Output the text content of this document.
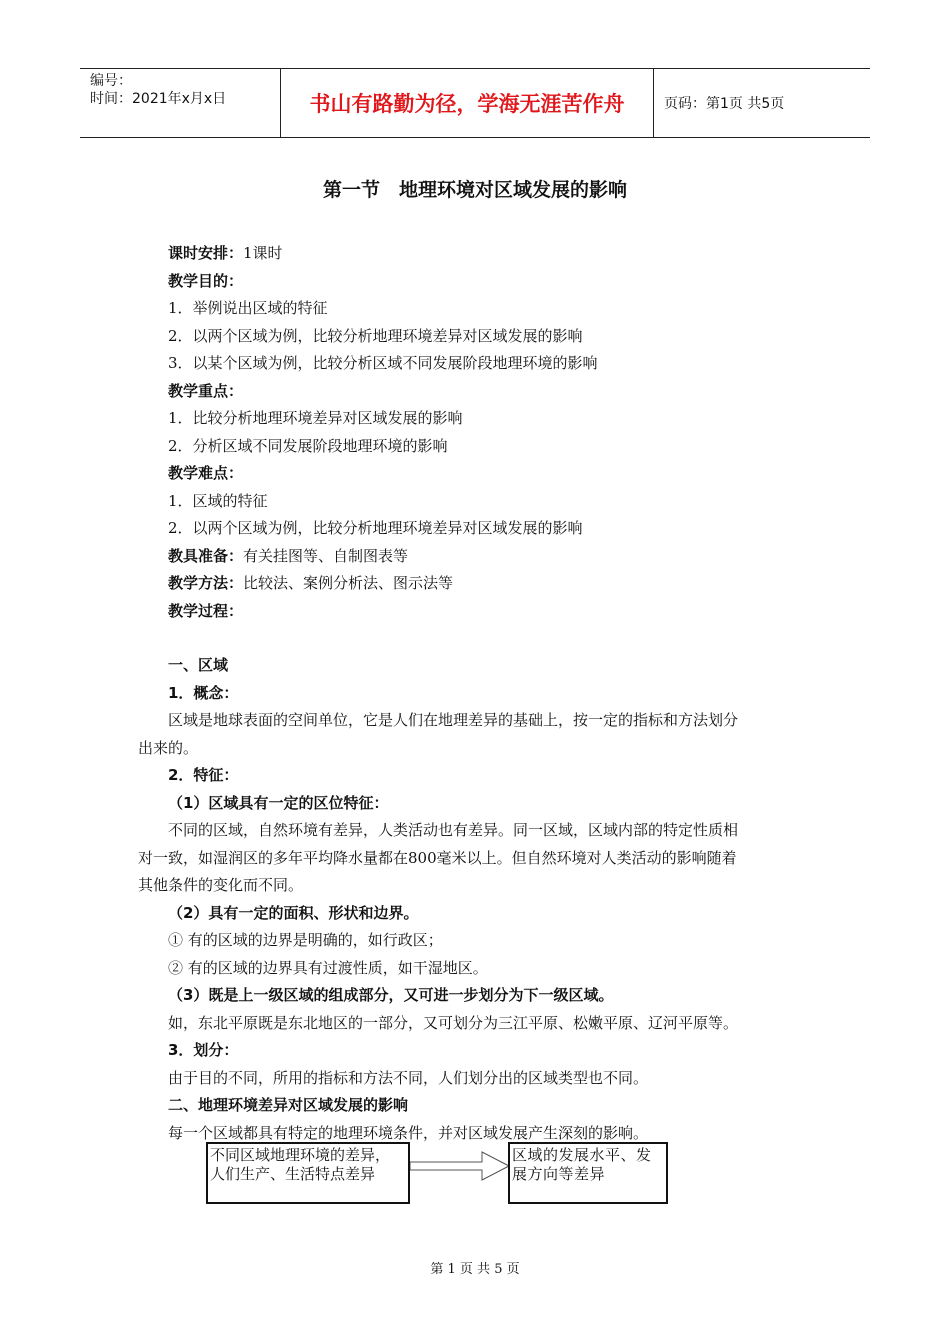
编号：
时间：2021年x月x日	书山有路勤为径，学海无涯苦作舟	页码：第1页 共5页
第一节　地理环境对区域发展的影响
课时安排：1课时
教学目的：
1．举例说出区域的特征
2．以两个区域为例，比较分析地理环境差异对区域发展的影响
3．以某个区域为例，比较分析区域不同发展阶段地理环境的影响
教学重点：
1．比较分析地理环境差异对区域发展的影响
2．分析区域不同发展阶段地理环境的影响
教学难点：
1．区域的特征
2．以两个区域为例，比较分析地理环境差异对区域发展的影响
教具准备：有关挂图等、自制图表等
教学方法：比较法、案例分析法、图示法等
教学过程：
一、区域
1．概念：
区域是地球表面的空间单位，它是人们在地理差异的基础上，按一定的指标和方法划分
出来的。
2．特征：
（1）区域具有一定的区位特征：
不同的区域，自然环境有差异，人类活动也有差异。同一区域，区域内部的特定性质相
对一致，如湿润区的多年平均降水量都在800毫米以上。但自然环境对人类活动的影响随着
其他条件的变化而不同。
（2）具有一定的面积、形状和边界。
① 有的区域的边界是明确的，如行政区；
② 有的区域的边界具有过渡性质，如干湿地区。
（3）既是上一级区域的组成部分，又可进一步划分为下一级区域。
如，东北平原既是东北地区的一部分，又可划分为三江平原、松嫩平原、辽河平原等。
3．划分：
由于目的不同，所用的指标和方法不同，人们划分出的区域类型也不同。
二、地理环境差异对区域发展的影响
每一个区域都具有特定的地理环境条件，并对区域发展产生深刻的影响。
不同区域地理环境的差异，
人们生产、生活特点差异
区域的发展水平、发
展方向等差异
第 1 页 共 5 页
